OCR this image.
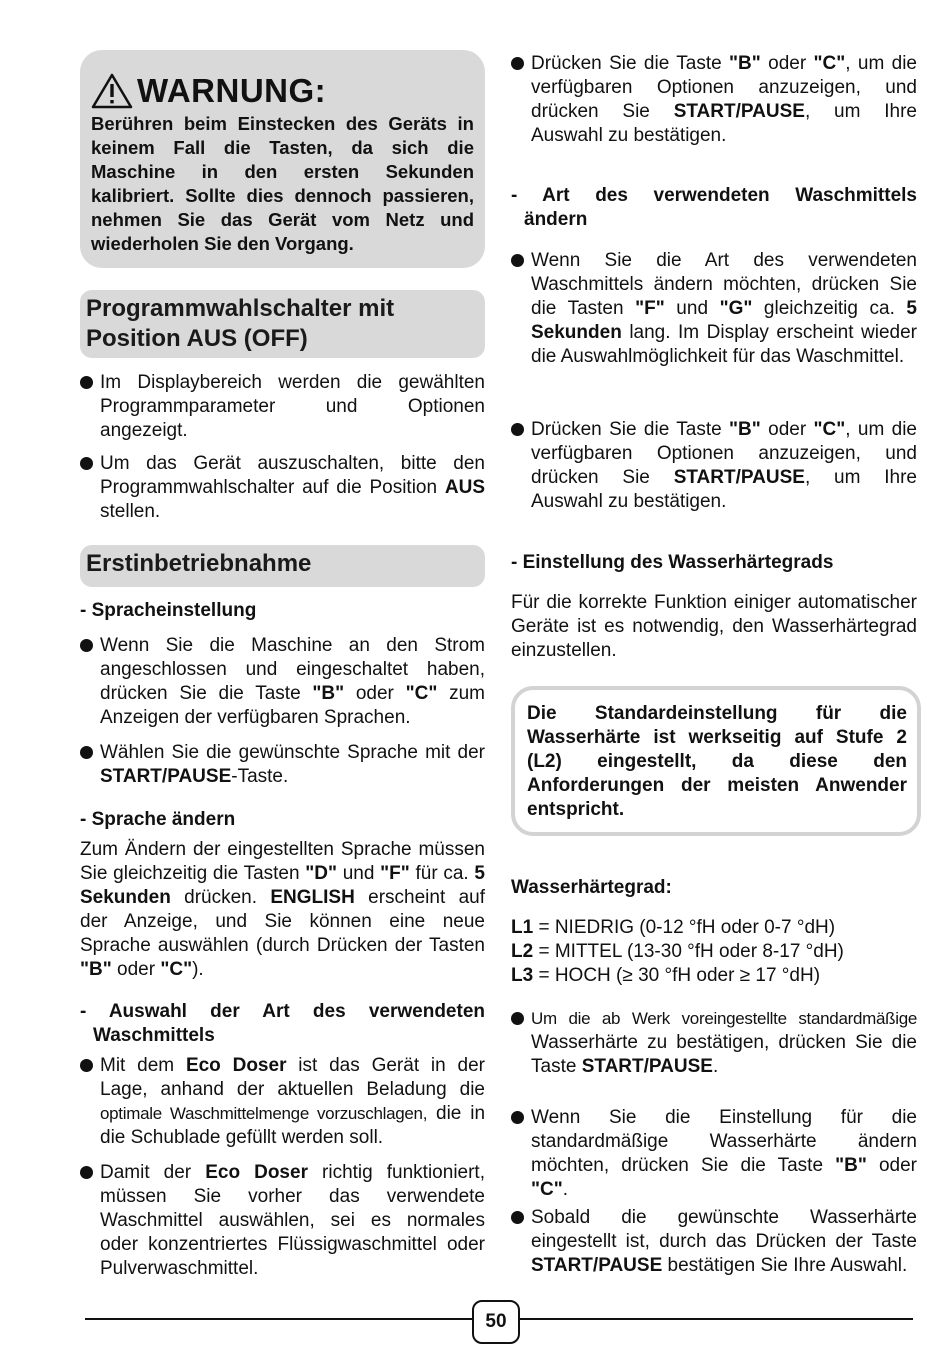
WARNUNG:
Berühren beim Einstecken des Geräts in keinem Fall die Tasten, da sich die Maschine in den ersten Sekunden kalibriert. Sollte dies dennoch passieren, nehmen Sie das Gerät vom Netz und wiederholen Sie den Vorgang.
Programmwahlschalter mit
Position AUS (OFF)
Im Displaybereich werden die gewählten Programmparameter und Optionen angezeigt.
Um das Gerät auszuschalten, bitte den Programmwahlschalter auf die Position AUS stellen.
Erstinbetriebnahme
- Spracheinstellung
Wenn Sie die Maschine an den Strom angeschlossen und eingeschaltet haben, drücken Sie die Taste "B" oder "C" zum Anzeigen der verfügbaren Sprachen.
Wählen Sie die gewünschte Sprache mit der START/PAUSE-Taste.
- Sprache ändern
Zum Ändern der eingestellten Sprache müssen Sie gleichzeitig die Tasten "D" und "F" für ca. 5 Sekunden drücken. ENGLISH erscheint auf der Anzeige, und Sie können eine neue Sprache auswählen (durch Drücken der Tasten "B" oder "C").
- Auswahl der Art des verwendeten
Waschmittels
Mit dem Eco Doser ist das Gerät in der Lage, anhand der aktuellen Beladung die optimale Waschmittelmenge vorzuschlagen, die in die Schublade gefüllt werden soll.
Damit der Eco Doser richtig funktioniert, müssen Sie vorher das verwendete Waschmittel auswählen, sei es normales oder konzentriertes Flüssigwaschmittel oder Pulverwaschmittel.
Drücken Sie die Taste "B" oder "C", um die verfügbaren Optionen anzuzeigen, und drücken Sie START/PAUSE, um Ihre Auswahl zu bestätigen.
- Art des verwendeten Waschmittels
ändern
Wenn Sie die Art des verwendeten Waschmittels ändern möchten, drücken Sie die Tasten "F" und "G" gleichzeitig ca. 5 Sekunden lang. Im Display erscheint wieder die Auswahlmöglichkeit für das Waschmittel.
Drücken Sie die Taste "B" oder "C", um die verfügbaren Optionen anzuzeigen, und drücken Sie START/PAUSE, um Ihre Auswahl zu bestätigen.
- Einstellung des Wasserhärtegrads
Für die korrekte Funktion einiger automatischer Geräte ist es notwendig, den Wasserhärtegrad einzustellen.
Die Standardeinstellung für die Wasserhärte ist werkseitig auf Stufe 2 (L2) eingestellt, da diese den Anforderungen der meisten Anwender entspricht.
Wasserhärtegrad:
L1 = NIEDRIG (0-12 °fH oder 0-7 °dH)
L2 = MITTEL (13-30 °fH oder 8-17 °dH)
L3 = HOCH (≥ 30 °fH oder ≥ 17 °dH)
Um die ab Werk voreingestellte standardmäßige Wasserhärte zu bestätigen, drücken Sie die Taste START/PAUSE.
Wenn Sie die Einstellung für die standardmäßige Wasserhärte ändern möchten, drücken Sie die Taste "B" oder "C".
Sobald die gewünschte Wasserhärte eingestellt ist, durch das Drücken der Taste START/PAUSE bestätigen Sie Ihre Auswahl.
50
